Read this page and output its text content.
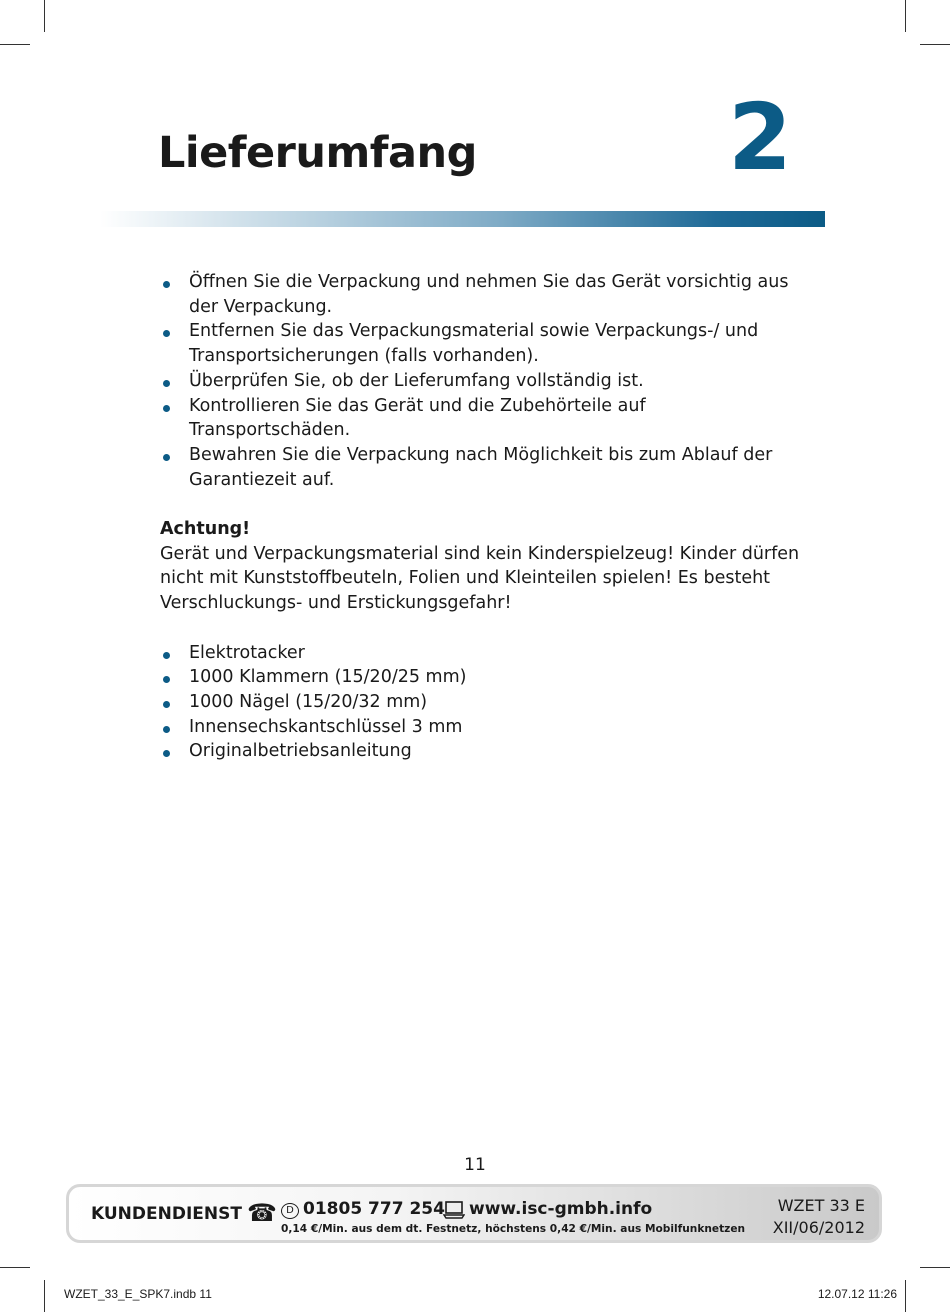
Lieferumfang	2
Öffnen Sie die Verpackung und nehmen Sie das Gerät vorsichtig aus der Verpackung.
Entfernen Sie das Verpackungsmaterial sowie Verpackungs-/ und Transportsicherungen (falls vorhanden).
Überprüfen Sie, ob der Lieferumfang vollständig ist.
Kontrollieren Sie das Gerät und die Zubehörteile auf Transportschäden.
Bewahren Sie die Verpackung nach Möglichkeit bis zum Ablauf der Garantiezeit auf.
Achtung!
Gerät und Verpackungsmaterial sind kein Kinderspielzeug! Kinder dürfen nicht mit Kunststoffbeuteln, Folien und Kleinteilen spielen! Es besteht Verschluckungs- und Erstickungsgefahr!
Elektrotacker
1000 Klammern (15/20/25 mm)
1000 Nägel (15/20/32 mm)
Innensechskantschlüssel 3 mm
Originalbetriebsanleitung
11
KUNDENDIENST ☎ D 01805 777 254 www.isc-gmbh.info
0,14 €/Min. aus dem dt. Festnetz, höchstens 0,42 €/Min. aus Mobilfunknetzen
WZET 33 E
XII/06/2012
WZET_33_E_SPK7.indb 11	12.07.12 11:26
